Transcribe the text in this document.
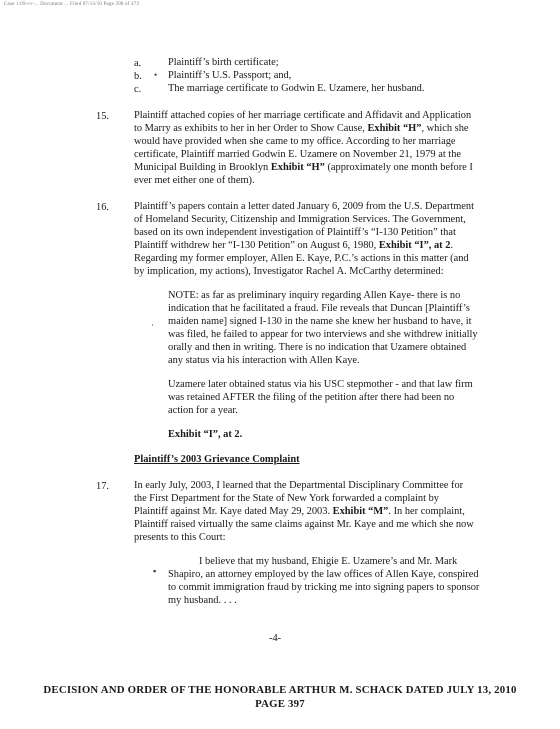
Case 1:09-cv-... Document ... Filed 07/13/10 Page 398 of 473
a.	Plaintiff’s birth certificate;
b. • Plaintiff’s U.S. Passport; and,
c.	The marriage certificate to Godwin E. Uzamere, her husband.
15. Plaintiff attached copies of her marriage certificate and Affidavit and Application
to Marry as exhibits to her in her Order to Show Cause, Exhibit “H”, which she
would have provided when she came to my office. According to her marriage
certificate, Plaintiff married Godwin E. Uzamere on November 21, 1979 at the
Municipal Building in Brooklyn Exhibit “H” (approximately one month before I
ever met either one of them).
16. Plaintiff’s papers contain a letter dated January 6, 2009 from the U.S. Department
of Homeland Security, Citizenship and Immigration Services. The Government,
based on its own independent investigation of Plaintiff’s “I-130 Petition” that
Plaintiff withdrew her “I-130 Petition” on August 6, 1980, Exhibit “I”, at 2.
Regarding my former employer, Allen E. Kaye, P.C.’s actions in this matter (and
by implication, my actions), Investigator Rachel A. McCarthy determined:
NOTE: as far as preliminary inquiry regarding Allen Kaye- there is no
indication that he facilitated a fraud. File reveals that Duncan [Plaintiff’s
maiden name] signed I-130 in the name she knew her husband to have, it
·
was filed, he failed to appear for two interviews and she withdrew initially
orally and then in writing. There is no indication that Uzamere obtained
any status via his interaction with Allen Kaye.
Uzamere later obtained status via his USC stepmother - and that law firm
was retained AFTER the filing of the petition after there had been no
action for a year.
Exhibit “I”, at 2.
Plaintiff’s 2003 Grievance Complaint
17. In early July, 2003, I learned that the Departmental Disciplinary Committee for
the First Department for the State of New York forwarded a complaint by
Plaintiff against Mr. Kaye dated May 29, 2003. Exhibit “M”. In her complaint,
Plaintiff raised virtually the same claims against Mr. Kaye and me which she now
presents to this Court:
I believe that my husband, Ehigie E. Uzamere’s and Mr. Mark
▪ Shapiro, an attorney employed by the law offices of Allen Kaye, conspired
to commit immigration fraud by tricking me into signing papers to sponsor
my husband. . . .
-4-
DECISION AND ORDER OF THE HONORABLE ARTHUR M. SCHACK DATED JULY 13, 2010
PAGE 397
